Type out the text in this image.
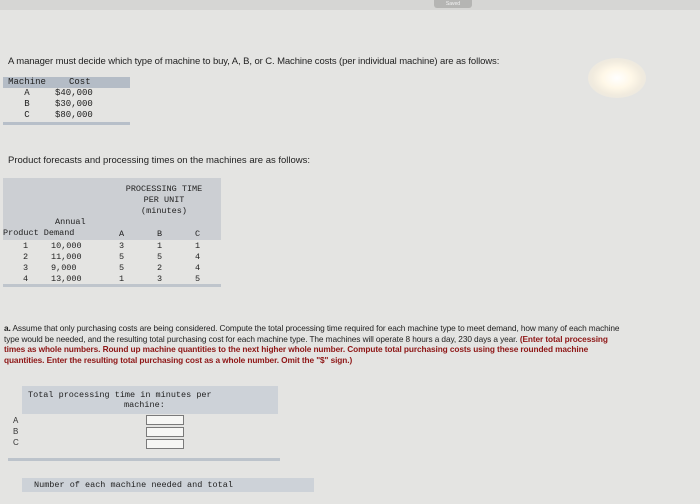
Saved
A manager must decide which type of machine to buy, A, B, or C. Machine costs (per individual machine) are as follows:
Machine	Cost
A	$40,000
B	$30,000
C	$80,000
Product forecasts and processing times on the machines are as follows:
PROCESSING TIME
PER UNIT
(minutes)
Annual
Product Demand	A	B	C
1	10,000	3	1	1
2	11,000	5	5	4
3	9,000	5	2	4
4	13,000	1	3	5
a. Assume that only purchasing costs are being considered. Compute the total processing time required for each machine type to meet demand, how many of each machine type would be needed, and the resulting total purchasing cost for each machine type. The machines will operate 8 hours a day, 230 days a year. (Enter total processing times as whole numbers. Round up machine quantities to the next higher whole number. Compute total purchasing costs using these rounded machine quantities. Enter the resulting total purchasing cost as a whole number. Omit the "$" sign.)
Total processing time in minutes per
machine:
A
B
C
Number of each machine needed and total
